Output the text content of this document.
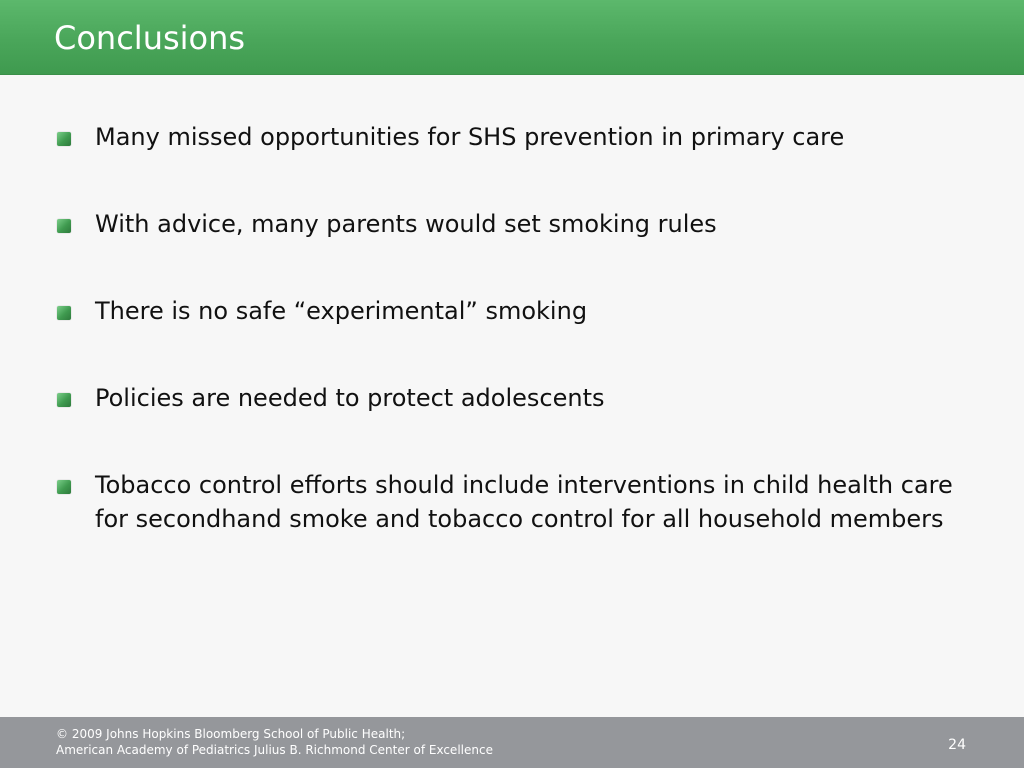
Conclusions

Many missed opportunities for SHS prevention in primary care

With advice, many parents would set smoking rules

There is no safe “experimental” smoking

Policies are needed to protect adolescents

Tobacco control efforts should include interventions in child health care for secondhand smoke and tobacco control for all household members

© 2009 Johns Hopkins Bloomberg School of Public Health;
American Academy of Pediatrics Julius B. Richmond Center of Excellence	24
